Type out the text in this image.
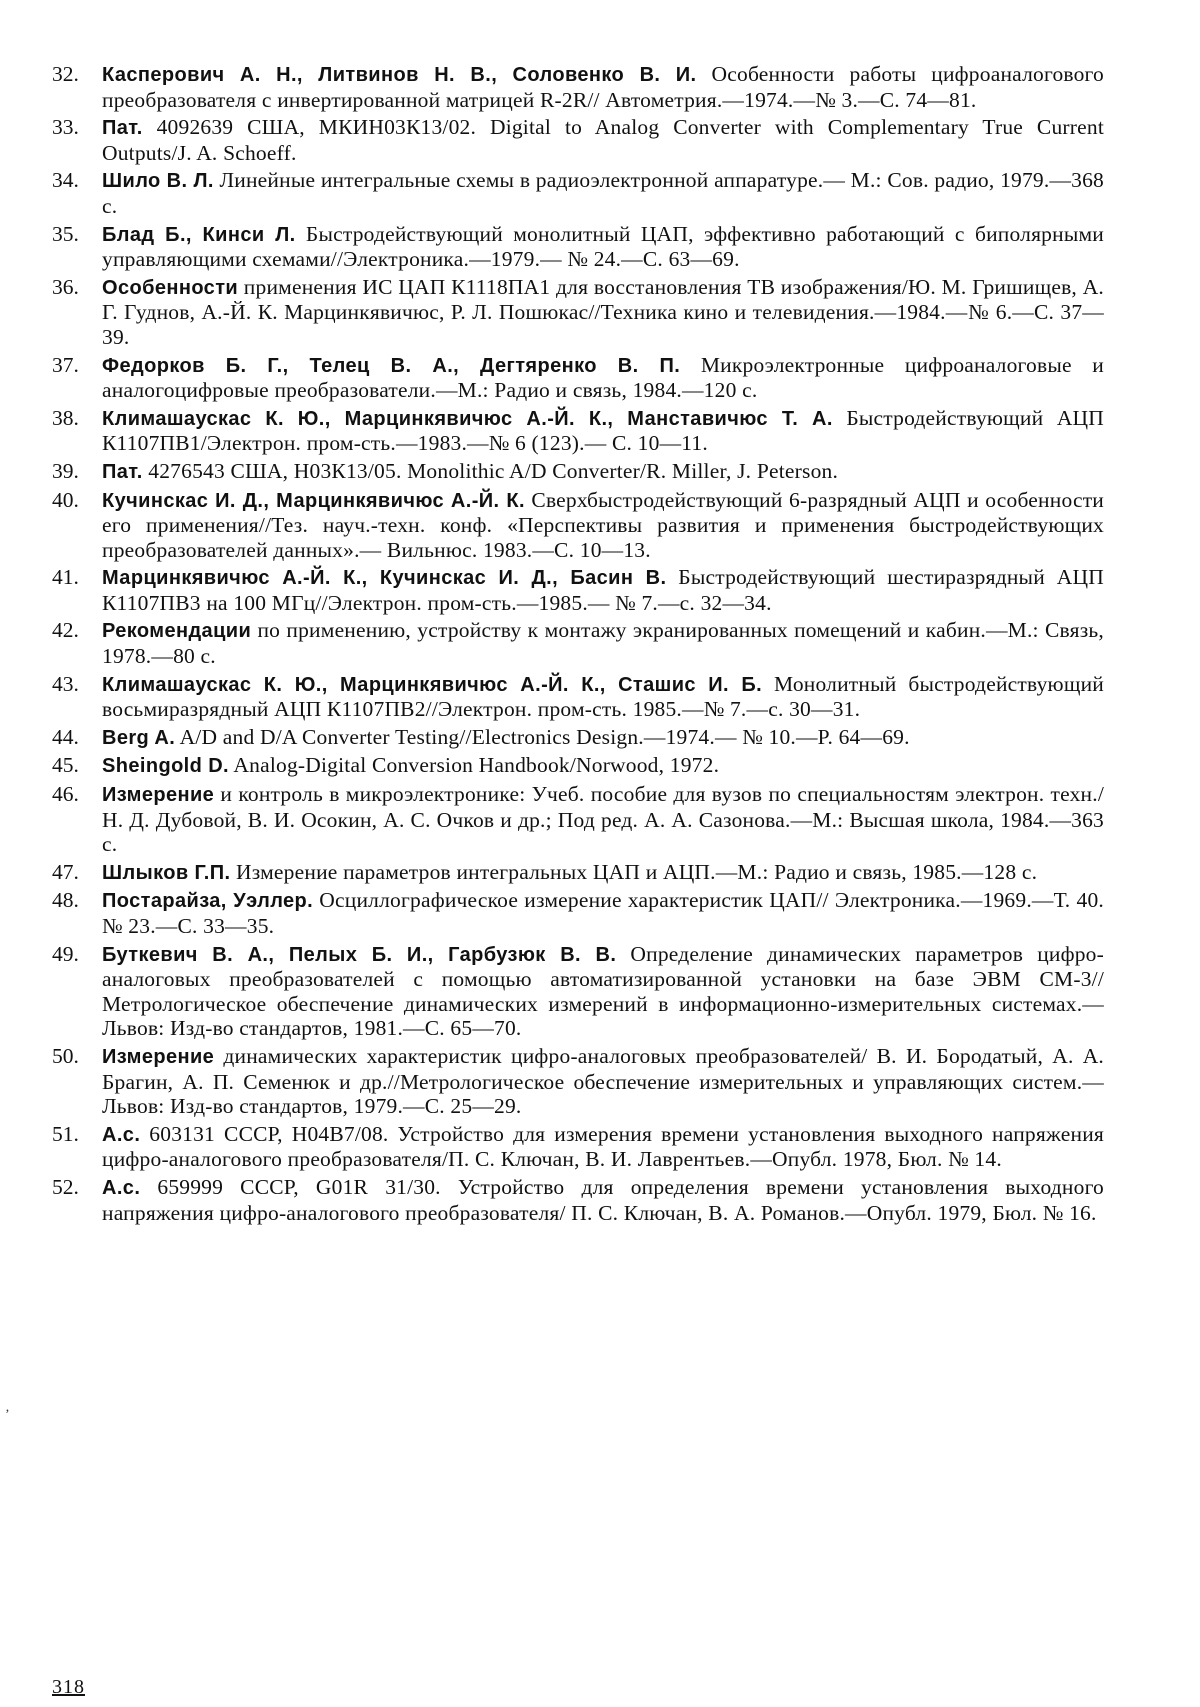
32.	Касперович А. Н., Литвинов Н. В., Соловенко В. И. Особенности работы цифроаналогового преобразователя с инвертированной матрицей R-2R// Автометрия.—1974.—№ 3.—С. 74—81.
33.	Пат. 4092639 США, МКИН03К13/02. Digital to Analog Converter with Complementary True Current Outputs/J. A. Schoeff.
34.	Шило В. Л. Линейные интегральные схемы в радиоэлектронной аппаратуре.— М.: Сов. радио, 1979.—368 с.
35.	Блад Б., Кинси Л. Быстродействующий монолитный ЦАП, эффективно работающий с биполярными управляющими схемами//Электроника.—1979.— № 24.—С. 63—69.
36.	Особенности применения ИС ЦАП К1118ПА1 для восстановления ТВ изображения/Ю. М. Гришищев, А. Г. Гуднов, А.-Й. К. Марцинкявичюс, Р. Л. Пошюкас//Техника кино и телевидения.—1984.—№ 6.—С. 37—39.
37.	Федорков Б. Г., Телец В. А., Дегтяренко В. П. Микроэлектронные цифроаналоговые и аналогоцифровые преобразователи.—М.: Радио и связь, 1984.—120 с.
38.	Климашаускас К. Ю., Марцинкявичюс А.-Й. К., Манставичюс Т. А. Быстродействующий АЦП К1107ПВ1/Электрон. пром-сть.—1983.—№ 6 (123).— С. 10—11.
39.	Пат. 4276543 США, Н03К13/05. Monolithic A/D Converter/R. Miller, J. Peterson.
40.	Кучинскас И. Д., Марцинкявичюс А.-Й. К. Сверхбыстродействующий 6-разрядный АЦП и особенности его применения//Тез. науч.-техн. конф. «Перспективы развития и применения быстродействующих преобразователей данных».— Вильнюс. 1983.—С. 10—13.
41.	Марцинкявичюс А.-Й. К., Кучинскас И. Д., Басин В. Быстродействующий шестиразрядный АЦП К1107ПВ3 на 100 МГц//Электрон. пром-сть.—1985.— № 7.—с. 32—34.
42.	Рекомендации по применению, устройству к монтажу экранированных помещений и кабин.—М.: Связь, 1978.—80 с.
43.	Климашаускас К. Ю., Марцинкявичюс А.-Й. К., Сташис И. Б. Монолитный быстродействующий восьмиразрядный АЦП К1107ПВ2//Электрон. пром-сть. 1985.—№ 7.—с. 30—31.
44.	Berg A. A/D and D/A Converter Testing//Electronics Design.—1974.— № 10.—P. 64—69.
45.	Sheingold D. Analog-Digital Conversion Handbook/Norwood, 1972.
46.	Измерение и контроль в микроэлектронике: Учеб. пособие для вузов по специальностям электрон. техн./Н. Д. Дубовой, В. И. Осокин, А. С. Очков и др.; Под ред. А. А. Сазонова.—М.: Высшая школа, 1984.—363 с.
47.	Шлыков Г.П. Измерение параметров интегральных ЦАП и АЦП.—М.: Радио и связь, 1985.—128 с.
48.	Постарайза, Уэллер. Осциллографическое измерение характеристик ЦАП// Электроника.—1969.—Т. 40. № 23.—С. 33—35.
49.	Буткевич В. А., Пелых Б. И., Гарбузюк В. В. Определение динамических параметров цифро-аналоговых преобразователей с помощью автоматизированной установки на базе ЭВМ СМ-3//Метрологическое обеспечение динамических измерений в информационно-измерительных системах.—Львов: Изд-во стандартов, 1981.—С. 65—70.
50.	Измерение динамических характеристик цифро-аналоговых преобразователей/ В. И. Бородатый, А. А. Брагин, А. П. Семенюк и др.//Метрологическое обеспечение измерительных и управляющих систем.—Львов: Изд-во стандартов, 1979.—С. 25—29.
51.	А.с. 603131 СССР, Н04В7/08. Устройство для измерения времени установления выходного напряжения цифро-аналогового преобразователя/П. С. Ключан, В. И. Лаврентьев.—Опубл. 1978, Бюл. № 14.
52.	А.с. 659999 СССР, G01R 31/30. Устройство для определения времени установления выходного напряжения цифро-аналогового преобразователя/ П. С. Ключан, В. А. Романов.—Опубл. 1979, Бюл. № 16.
‚
318
